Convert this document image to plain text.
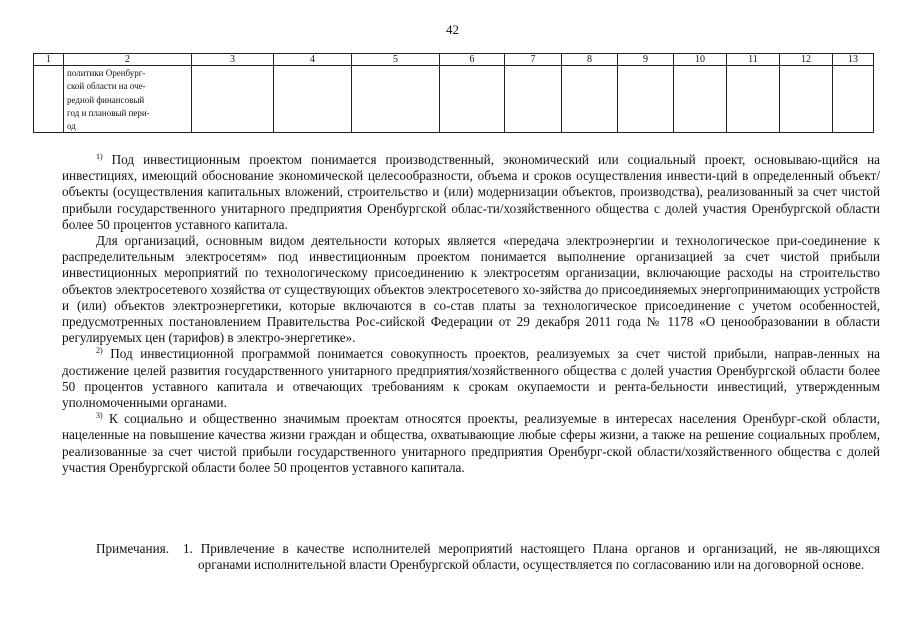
42
1	2	3	4	5	6	7	8	9	10	11	12	13

	политики Оренбург-
ской области на оче-
редной финансовый
год и плановый пери-
од											

$^{1)}$ Под инвестиционным проектом понимается производственный, экономический или социальный проект, основываю-щийся на инвестициях, имеющий обоснование экономической целесообразности, объема и сроков осуществления инвести-ций в определенный объект/объекты (осуществления капитальных вложений, строительство и (или) модернизации объектов, производства), реализованный за счет чистой прибыли государственного унитарного предприятия Оренбургской облас-ти/хозяйственного общества с долей участия Оренбургской области более 50 процентов уставного капитала.

Для организаций, основным видом деятельности которых является «передача электроэнергии и технологическое при-соединение к распределительным электросетям» под инвестиционным проектом понимается выполнение организацией за счет чистой прибыли инвестиционных мероприятий по технологическому присоединению к электросетям организации, включающие расходы на строительство объектов электросетевого хозяйства от существующих объектов электросетевого хо-зяйства до присоединяемых энергопринимающих устройств и (или) объектов электроэнергетики, которые включаются в со-став платы за технологическое присоединение с учетом особенностей, предусмотренных постановлением Правительства Рос-сийской Федерации от 29 декабря 2011 года № 1178 «О ценообразовании в области регулируемых цен (тарифов) в электро-энергетике».

$^{2)}$ Под инвестиционной программой понимается совокупность проектов, реализуемых за счет чистой прибыли, направ-ленных на достижение целей развития государственного унитарного предприятия/хозяйственного общества с долей участия Оренбургской области более 50 процентов уставного капитала и отвечающих требованиям к срокам окупаемости и рента-бельности инвестиций, утвержденным уполномоченными органами.

$^{3)}$ К социально и общественно значимым проектам относятся проекты, реализуемые в интересах населения Оренбург-ской области, нацеленные на повышение качества жизни граждан и общества, охватывающие любые сферы жизни, а также на решение социальных проблем, реализованные за счет чистой прибыли государственного унитарного предприятия Оренбург-ской области/хозяйственного общества с долей участия Оренбургской области более 50 процентов уставного капитала.

Примечания. 1. Привлечение в качестве исполнителей мероприятий настоящего Плана органов и организаций, не яв-ляющихся органами исполнительной власти Оренбургской области, осуществляется по согласованию или на договорной основе.
